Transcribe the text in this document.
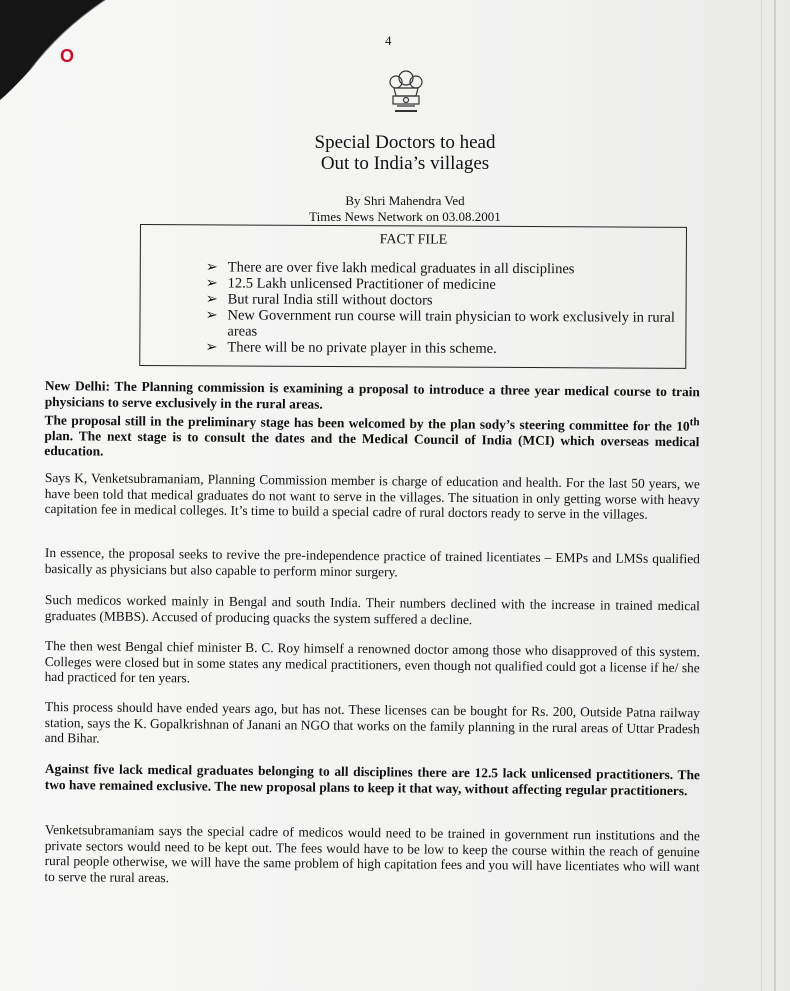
O
4
Special Doctors to head
Out to India’s villages
By Shri Mahendra Ved
Times News Network on 03.08.2001
FACT FILE
➢ There are over five lakh medical graduates in all disciplines
➢ 12.5 Lakh unlicensed Practitioner of medicine
➢ But rural India still without doctors
➢ New Government run course will train physician to work exclusively in rural areas
➢ There will be no private player in this scheme.
New Delhi: The Planning commission is examining a proposal to introduce a three year medical course to train physicians to serve exclusively in the rural areas.
The proposal still in the preliminary stage has been welcomed by the plan sody’s steering committee for the 10th plan. The next stage is to consult the dates and the Medical Council of India (MCI) which overseas medical education.
Says K, Venketsubramaniam, Planning Commission member is charge of education and health. For the last 50 years, we have been told that medical graduates do not want to serve in the villages. The situation in only getting worse with heavy capitation fee in medical colleges. It’s time to build a special cadre of rural doctors ready to serve in the villages.
In essence, the proposal seeks to revive the pre-independence practice of trained licentiates – EMPs and LMSs qualified basically as physicians but also capable to perform minor surgery.
Such medicos worked mainly in Bengal and south India. Their numbers declined with the increase in trained medical graduates (MBBS). Accused of producing quacks the system suffered a decline.
The then west Bengal chief minister B. C. Roy himself a renowned doctor among those who disapproved of this system. Colleges were closed but in some states any medical practitioners, even though not qualified could got a license if he/ she had practiced for ten years.
This process should have ended years ago, but has not. These licenses can be bought for Rs. 200, Outside Patna railway station, says the K. Gopalkrishnan of Janani an NGO that works on the family planning in the rural areas of Uttar Pradesh and Bihar.
Against five lack medical graduates belonging to all disciplines there are 12.5 lack unlicensed practitioners. The two have remained exclusive. The new proposal plans to keep it that way, without affecting regular practitioners.
Venketsubramaniam says the special cadre of medicos would need to be trained in government run institutions and the private sectors would need to be kept out. The fees would have to be low to keep the course within the reach of genuine rural people otherwise, we will have the same problem of high capitation fees and you will have licentiates who will want to serve the rural areas.
